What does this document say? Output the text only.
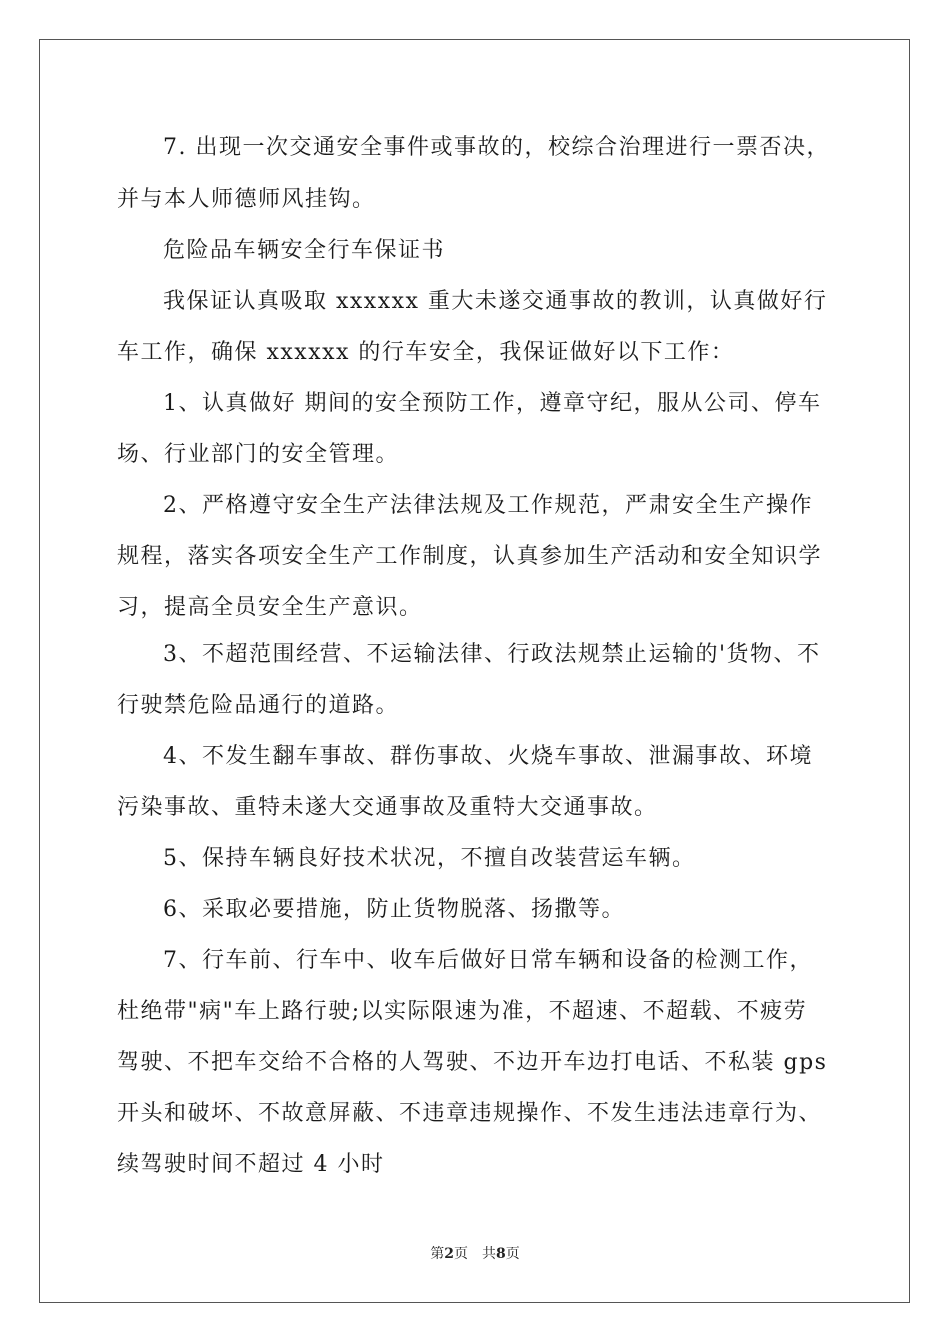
7. 出现一次交通安全事件或事故的，校综合治理进行一票否决，
并与本人师德师风挂钩。
危险品车辆安全行车保证书
我保证认真吸取 xxxxxx 重大未遂交通事故的教训，认真做好行
车工作，确保 xxxxxx 的行车安全，我保证做好以下工作：
1、认真做好 期间的安全预防工作，遵章守纪，服从公司、停车
场、行业部门的安全管理。
2、严格遵守安全生产法律法规及工作规范，严肃安全生产操作
规程，落实各项安全生产工作制度，认真参加生产活动和安全知识学
习，提高全员安全生产意识。
3、不超范围经营、不运输法律、行政法规禁止运输的'货物、不
行驶禁危险品通行的道路。
4、不发生翻车事故、群伤事故、火烧车事故、泄漏事故、环境
污染事故、重特未遂大交通事故及重特大交通事故。
5、保持车辆良好技术状况，不擅自改装营运车辆。
6、采取必要措施，防止货物脱落、扬撒等。
7、行车前、行车中、收车后做好日常车辆和设备的检测工作，
杜绝带"病"车上路行驶;以实际限速为准，不超速、不超载、不疲劳
驾驶、不把车交给不合格的人驾驶、不边开车边打电话、不私装 gps
开头和破坏、不故意屏蔽、不违章违规操作、不发生违法违章行为、
续驾驶时间不超过 4 小时
第2页　共8页
